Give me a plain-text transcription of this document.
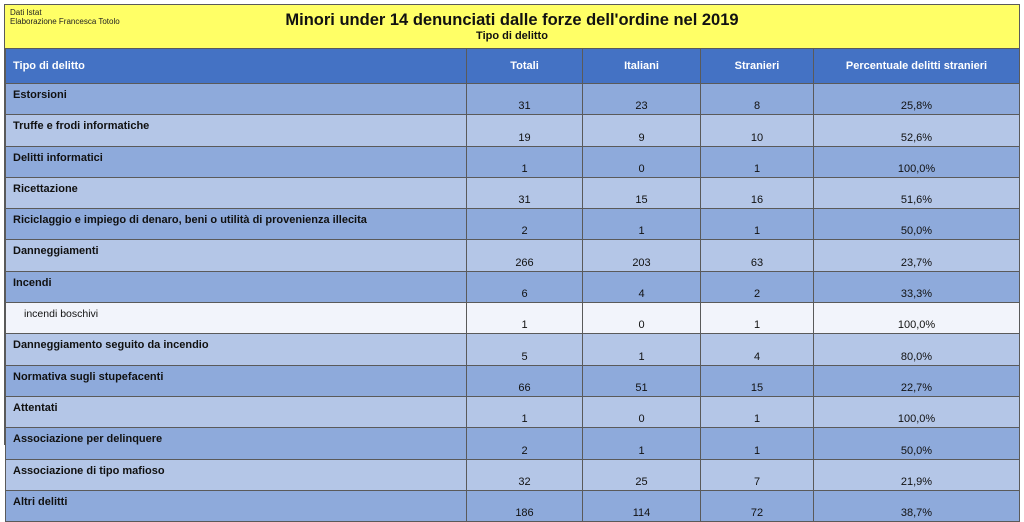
Dati Istat
Elaborazione Francesca Totolo	Minori under 14 denunciati dalle forze dell'ordine nel 2019
Tipo di delitto
Tipo di delitto	Totali	Italiani	Stranieri	Percentuale delitti stranieri
Estorsioni	31	23	8	25,8%
Truffe e frodi informatiche	19	9	10	52,6%
Delitti informatici	1	0	1	100,0%
Ricettazione	31	15	16	51,6%
Riciclaggio e impiego di denaro, beni o utilità di provenienza illecita	2	1	1	50,0%
Danneggiamenti	266	203	63	23,7%
Incendi	6	4	2	33,3%
incendi boschivi	1	0	1	100,0%
Danneggiamento seguito da incendio	5	1	4	80,0%
Normativa sugli stupefacenti	66	51	15	22,7%
Attentati	1	0	1	100,0%
Associazione per delinquere	2	1	1	50,0%
Associazione di tipo mafioso	32	25	7	21,9%
Altri delitti	186	114	72	38,7%
